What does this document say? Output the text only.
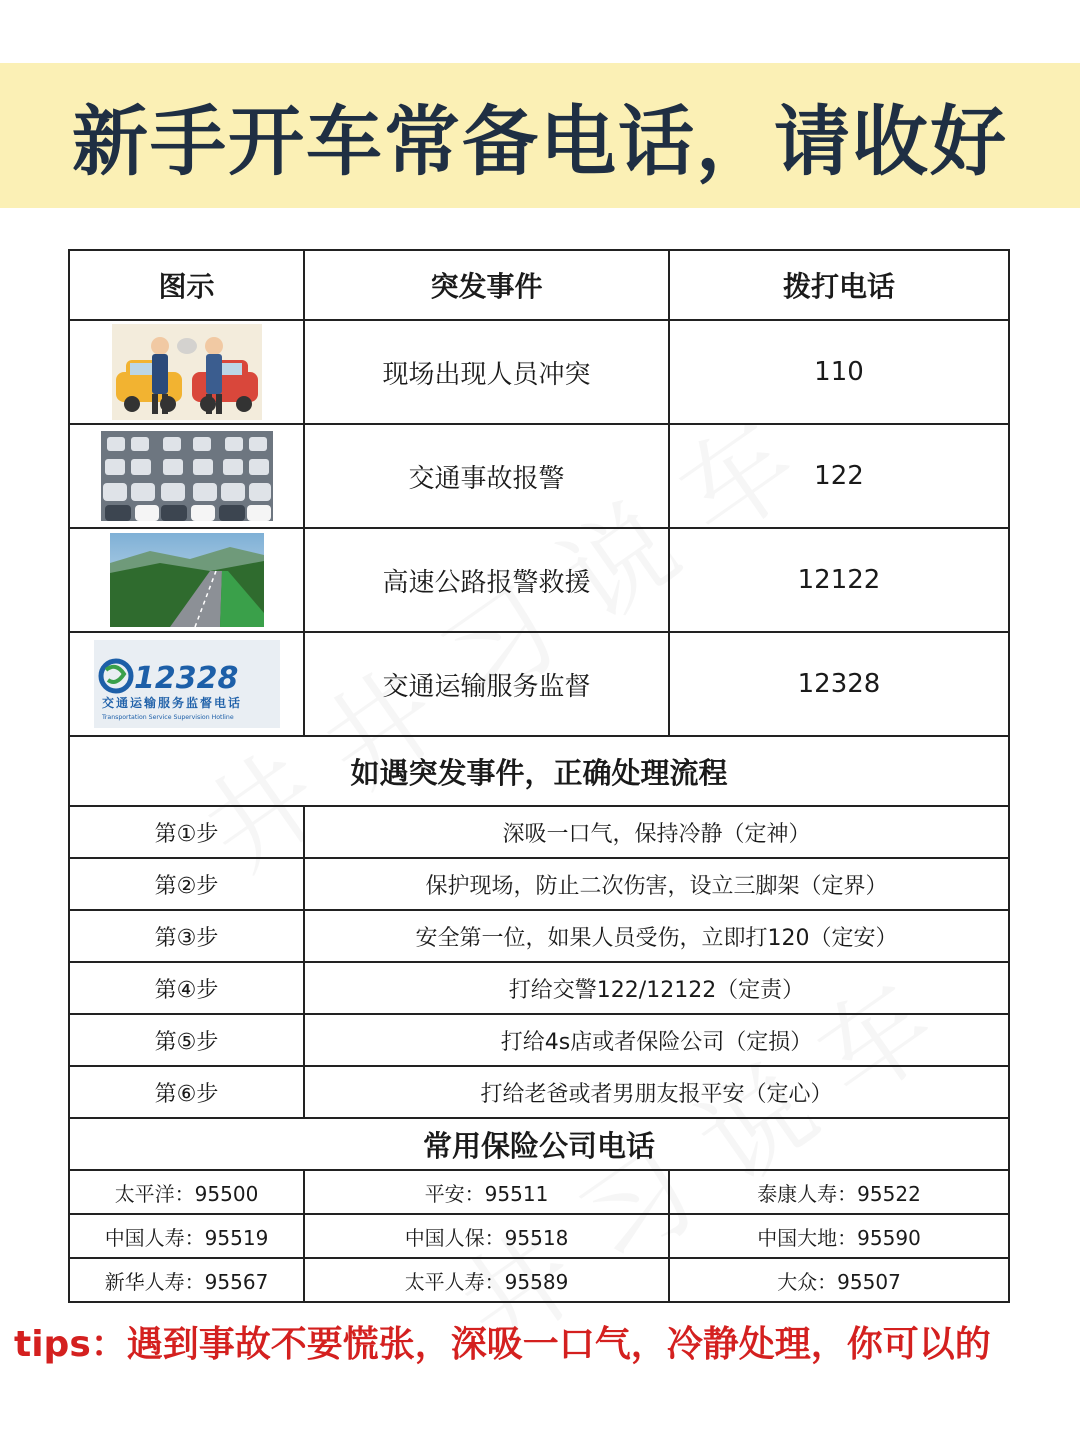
新手开车常备电话，请收好
图示	突发事件	拨打电话

	现场出现人员冲突	110

	交通事故报警	122

	高速公路报警救援	12122

12328
交通运输服务监督电话
Transportation Service Supervision Hotline	交通运输服务监督	12328
如遇突发事件，正确处理流程		
第①步	深吸一口气，保持冷静（定神）	
第②步	保护现场，防止二次伤害，设立三脚架（定界）	
第③步	安全第一位，如果人员受伤，立即打120（定安）	
第④步	打给交警122/12122（定责）	
第⑤步	打给4s店或者保险公司（定损）	
第⑥步	打给老爸或者男朋友报平安（定心）	
常用保险公司电话		
太平洋：95500	平安：95511	泰康人寿：95522
中国人寿：95519	中国人保：95518	中国大地：95590
新华人寿：95567	太平人寿：95589	大众：95507
tips：遇到事故不要慌张，深吸一口气，冷静处理，你可以的
